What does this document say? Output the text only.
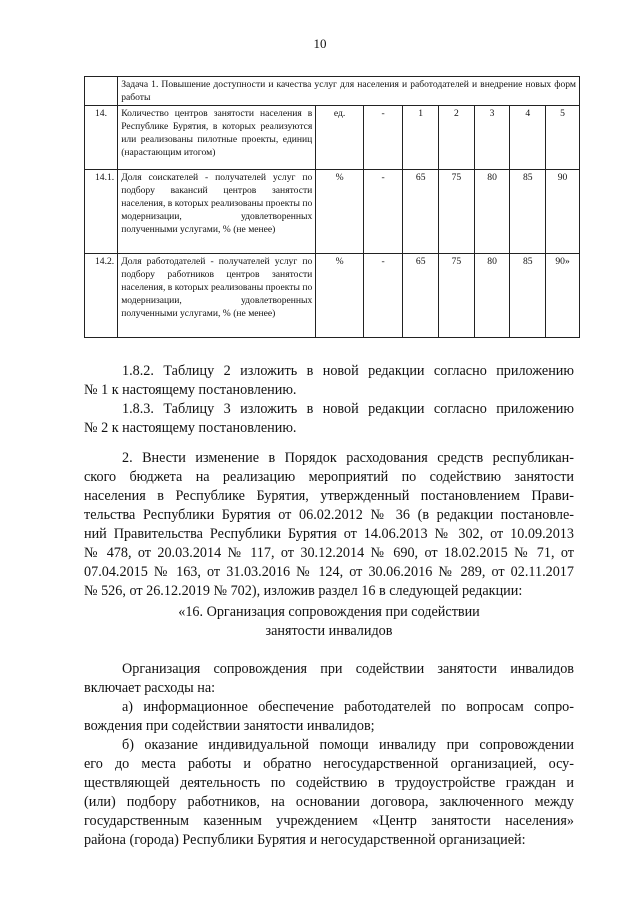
10
	Задача 1. Повышение доступности и качества услуг для населения и работодателей и внедрение новых форм работы							
14.	Количество центров занятости населения в Республике Бурятия, в которых реализуются или реализованы пилотные проекты, единиц (нарастающим итогом)	ед.	-	1	2	3	4	5
14.1.	Доля соискателей - получателей услуг по подбору вакансий центров занятости населения, в которых реализованы проекты по модернизации, удовлетворенных полученными услугами, % (не менее)	%	-	65	75	80	85	90
14.2.	Доля работодателей - получателей услуг по подбору работников центров занятости населения, в которых реализованы проекты по модернизации, удовлетворенных полученными услугами, % (не менее)	%	-	65	75	80	85	90»
1.8.2. Таблицу 2 изложить в новой редакции согласно приложению
№ 1 к настоящему постановлению.
1.8.3. Таблицу 3 изложить в новой редакции согласно приложению
№ 2 к настоящему постановлению.
2. Внести изменение в Порядок расходования средств республикан-
ского бюджета на реализацию мероприятий по содействию занятости
населения в Республике Бурятия, утвержденный постановлением Прави-
тельства Республики Бурятия от 06.02.2012 № 36 (в редакции постановле-
ний Правительства Республики Бурятия от 14.06.2013 № 302, от 10.09.2013
№ 478, от 20.03.2014 № 117, от 30.12.2014 № 690, от 18.02.2015 № 71, от
07.04.2015 № 163, от 31.03.2016 № 124, от 30.06.2016 № 289, от 02.11.2017
№ 526, от 26.12.2019 № 702), изложив раздел 16 в следующей редакции:
«16. Организация сопровождения при содействии
занятости инвалидов
Организация сопровождения при содействии занятости инвалидов
включает расходы на:
а) информационное обеспечение работодателей по вопросам сопро-
вождения при содействии занятости инвалидов;
б) оказание индивидуальной помощи инвалиду при сопровождении
его до места работы и обратно негосударственной организацией, осу-
ществляющей деятельность по содействию в трудоустройстве граждан и
(или) подбору работников, на основании договора, заключенного между
государственным казенным учреждением «Центр занятости населения»
района (города) Республики Бурятия и негосударственной организацией:
